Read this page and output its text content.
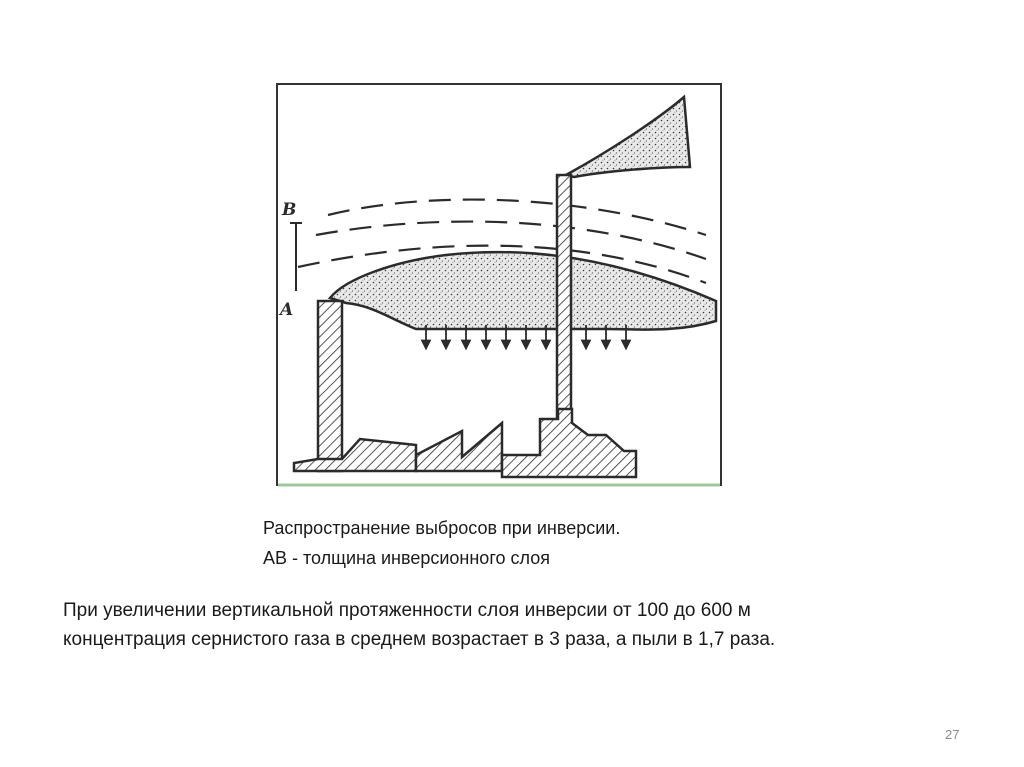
B
A
Распространение выбросов при инверсии.
АВ - толщина инверсионного слоя
При увеличении вертикальной протяженности слоя инверсии от 100 до 600 м
концентрация сернистого газа в среднем возрастает в 3 раза, а пыли в 1,7 раза.
27
